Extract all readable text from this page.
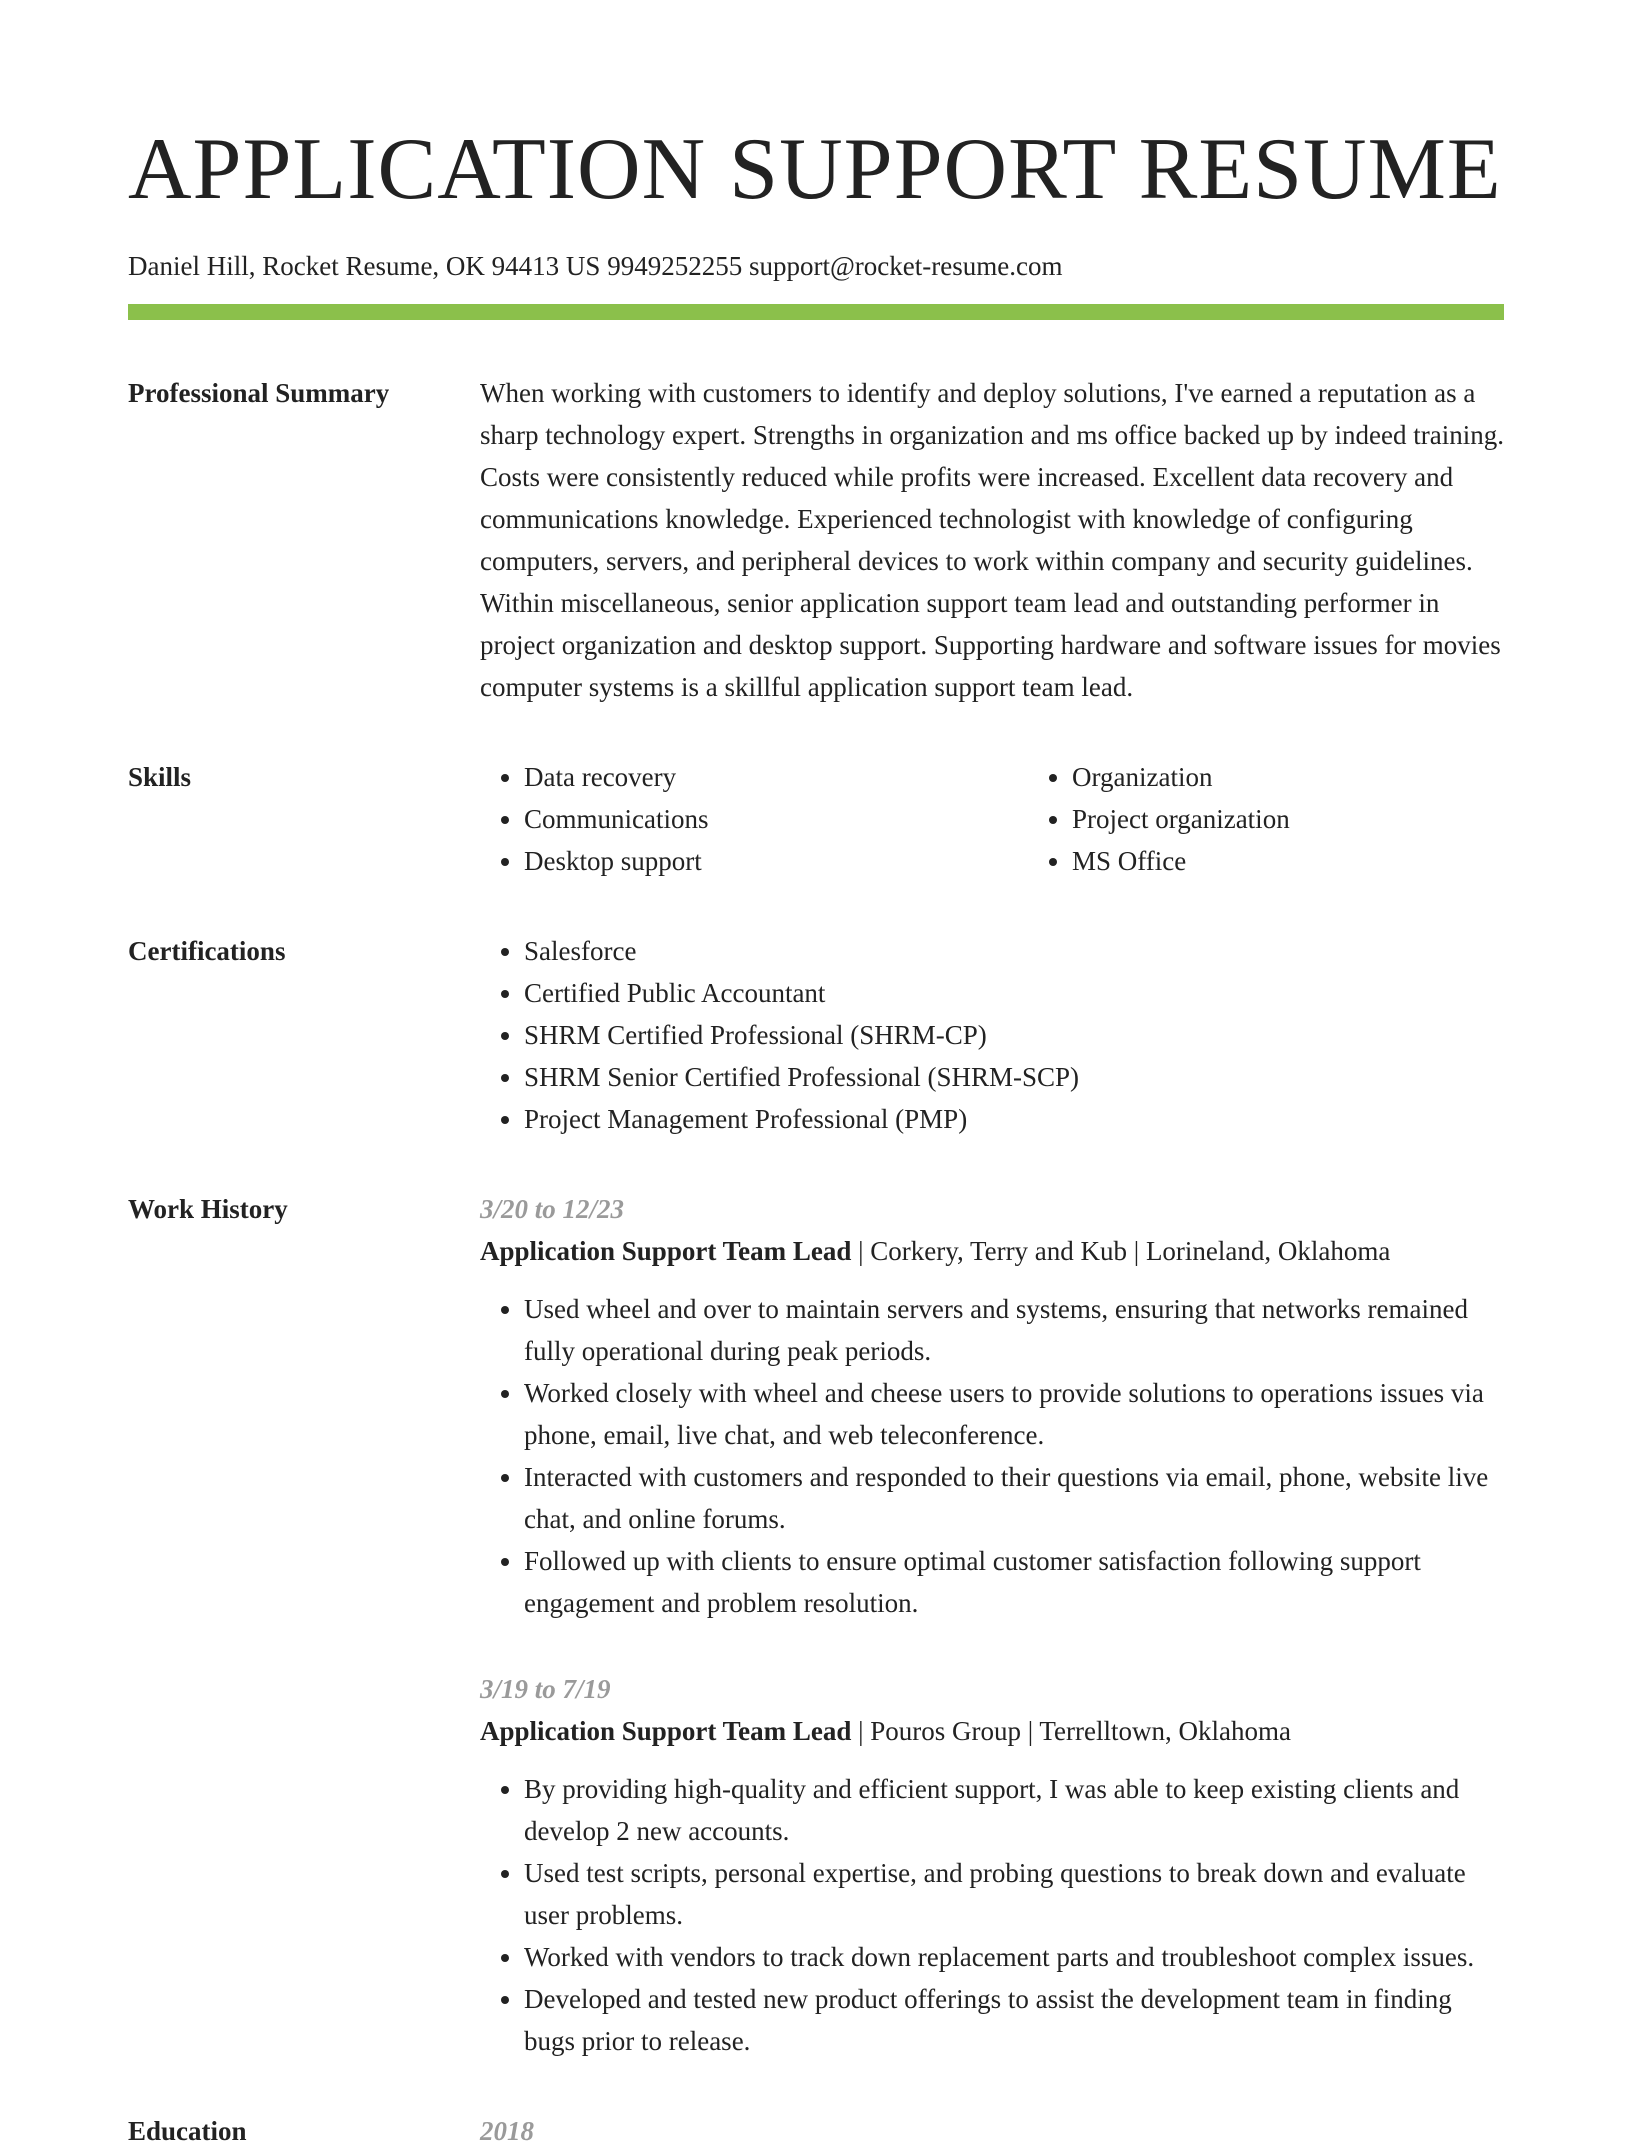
APPLICATION SUPPORT RESUME
Daniel Hill, Rocket Resume, OK 94413 US 9949252255 support@rocket-resume.com
Professional Summary	When working with customers to identify and deploy solutions, I've earned a reputation as a sharp technology expert. Strengths in organization and ms office backed up by indeed training. Costs were consistently reduced while profits were increased. Excellent data recovery and communications knowledge. Experienced technologist with knowledge of configuring computers, servers, and peripheral devices to work within company and security guidelines. Within miscellaneous, senior application support team lead and outstanding performer in project organization and desktop support. Supporting hardware and software issues for movies computer systems is a skillful application support team lead.

Skills	• Data recovery
• Communications
• Desktop support
• Organization
• Project organization
• MS Office
Certifications	• Salesforce
• Certified Public Accountant
• SHRM Certified Professional (SHRM-CP)
• SHRM Senior Certified Professional (SHRM-SCP)
• Project Management Professional (PMP)
Work History	3/20 to 12/23
Application Support Team Lead | Corkery, Terry and Kub | Lorineland, Oklahoma
• Used wheel and over to maintain servers and systems, ensuring that networks remained fully operational during peak periods.
• Worked closely with wheel and cheese users to provide solutions to operations issues via phone, email, live chat, and web teleconference.
• Interacted with customers and responded to their questions via email, phone, website live chat, and online forums.
• Followed up with clients to ensure optimal customer satisfaction following support engagement and problem resolution.
3/19 to 7/19
Application Support Team Lead | Pouros Group | Terrelltown, Oklahoma
• By providing high-quality and efficient support, I was able to keep existing clients and develop 2 new accounts.
• Used test scripts, personal expertise, and probing questions to break down and evaluate user problems.
• Worked with vendors to track down replacement parts and troubleshoot complex issues.
• Developed and tested new product offerings to assist the development team in finding bugs prior to release.
Education	2018
